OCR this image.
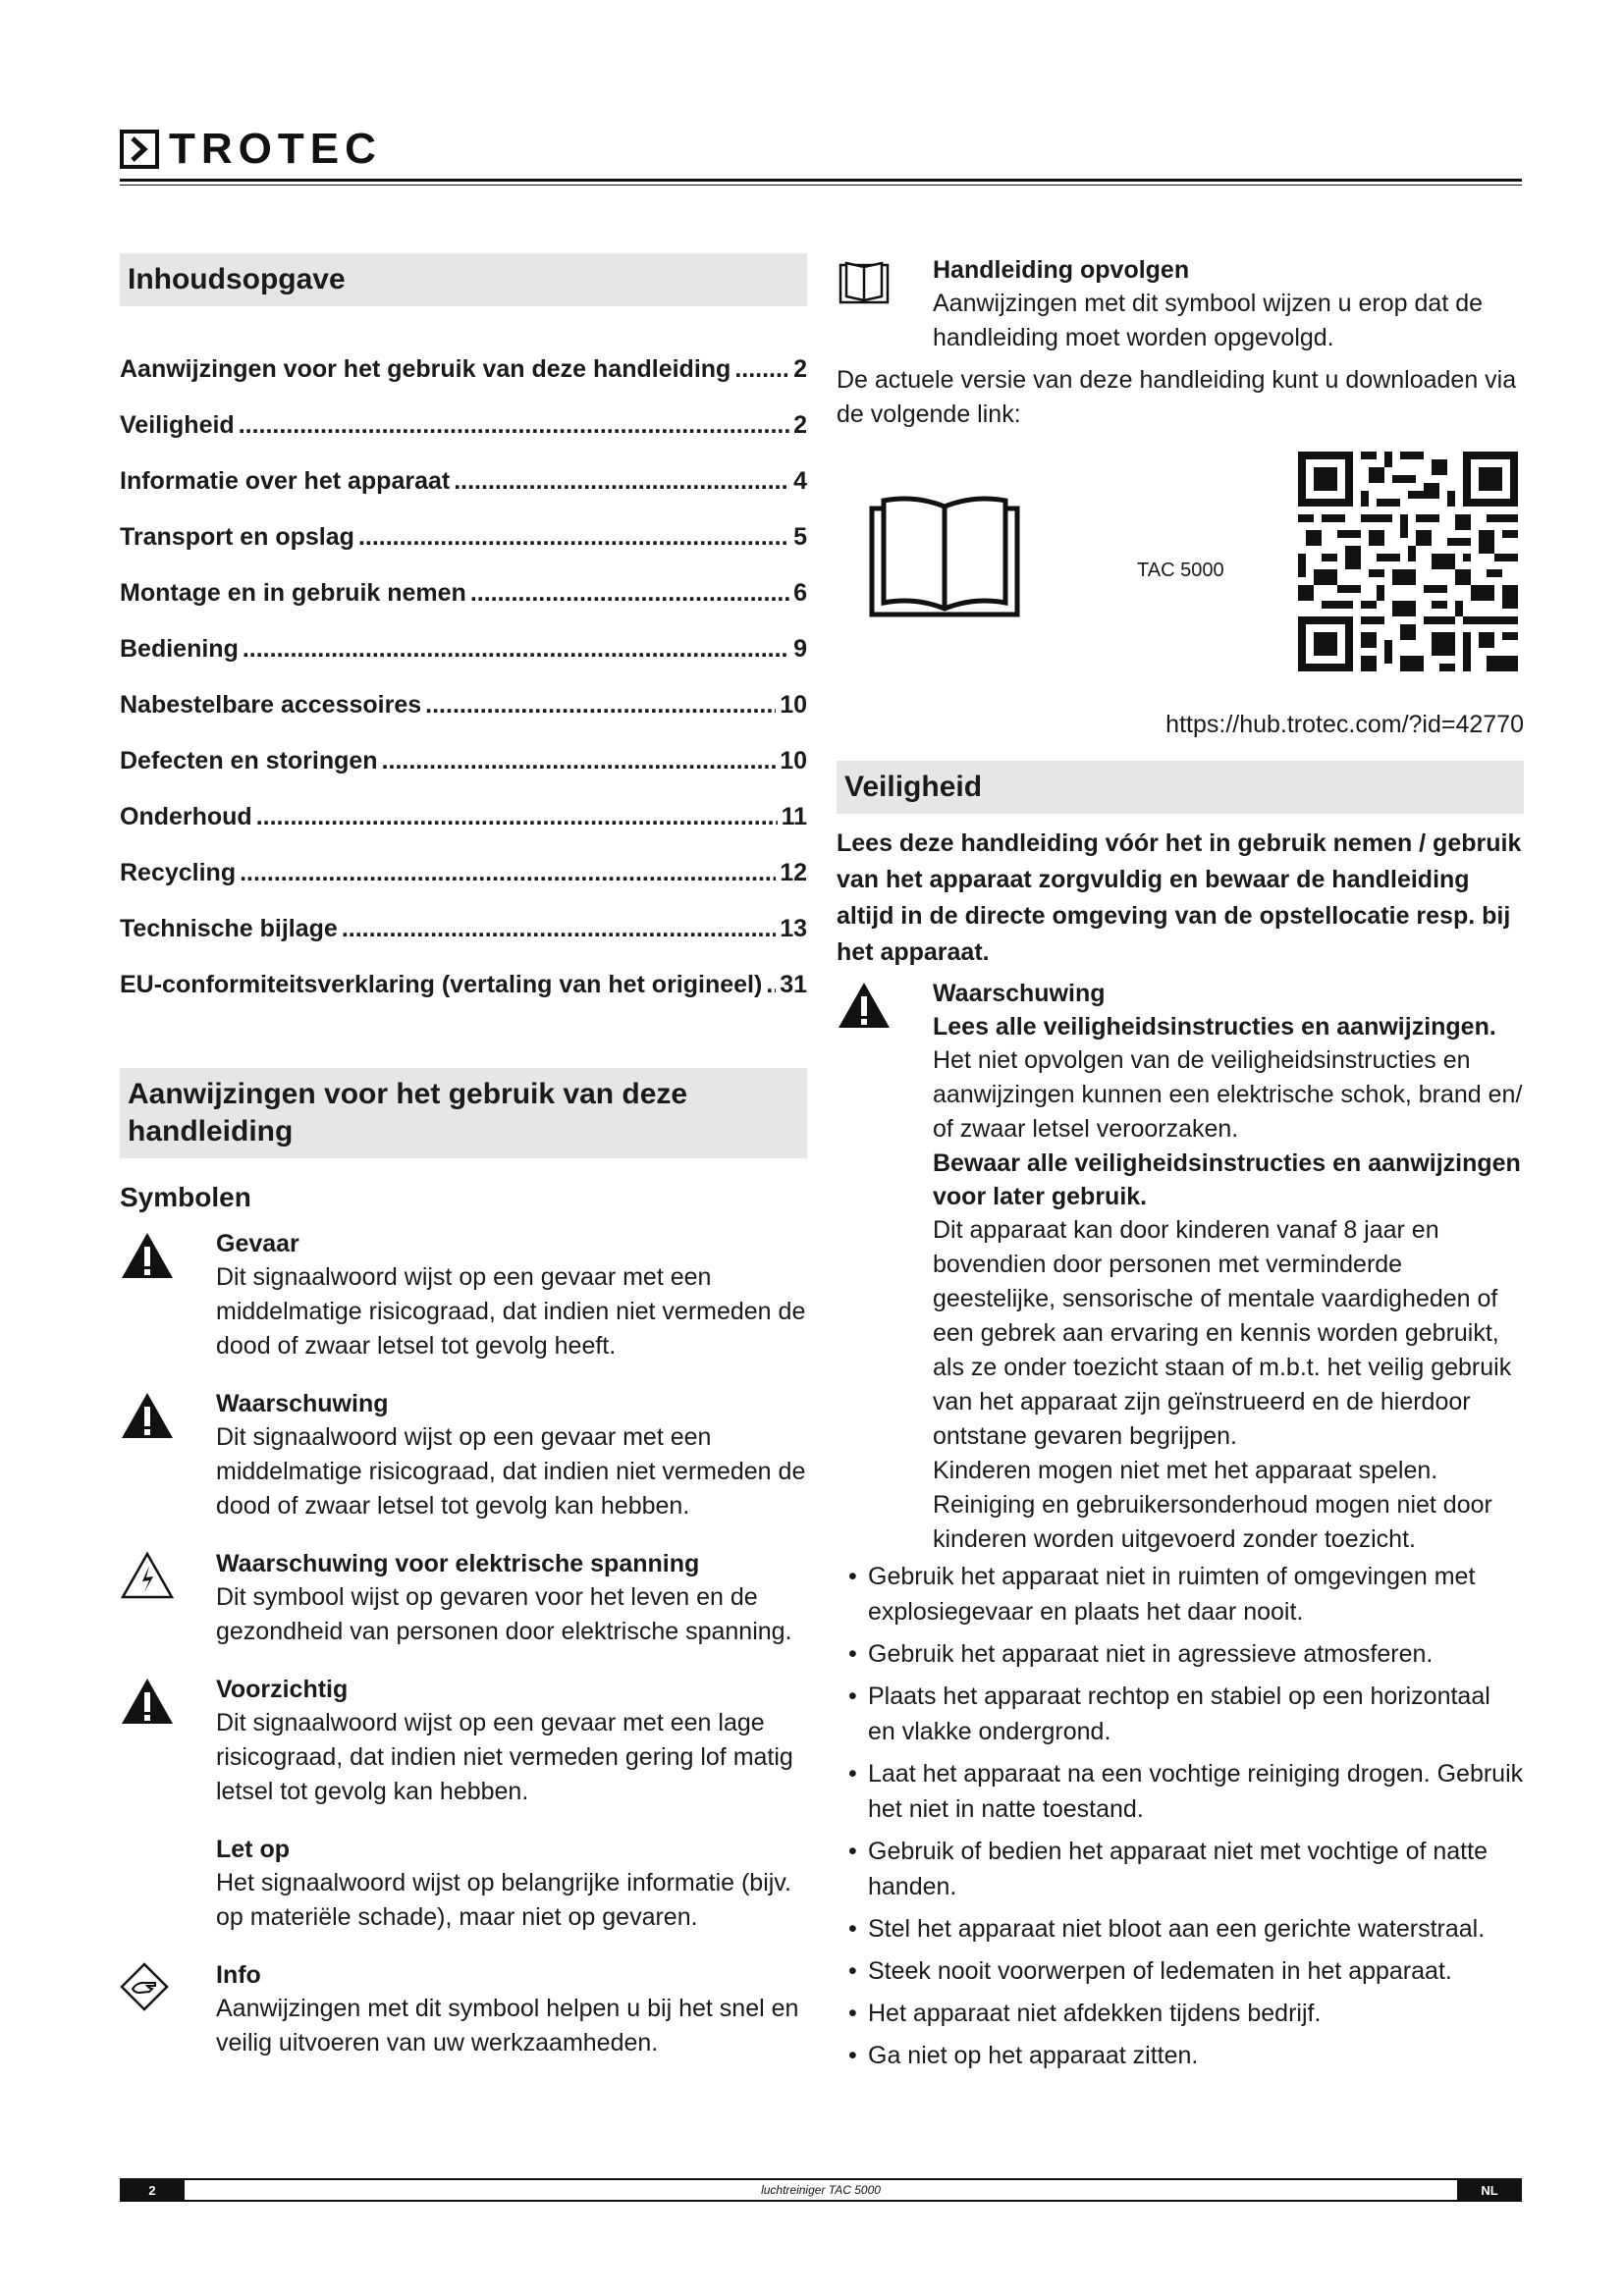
TROTEC
Inhoudsopgave
Aanwijzingen voor het gebruik van deze handleiding .....	2
Veiligheid .....	2
Informatie over het apparaat .....	4
Transport en opslag .....	5
Montage en in gebruik nemen .....	6
Bediening .....	9
Nabestelbare accessoires .....	10
Defecten en storingen .....	10
Onderhoud .....	11
Recycling .....	12
Technische bijlage .....	13
EU-conformiteitsverklaring (vertaling van het origineel) ..... 31
Aanwijzingen voor het gebruik van deze handleiding
Symbolen
Gevaar
Dit signaalwoord wijst op een gevaar met een middelmatige risicograad, dat indien niet vermeden de dood of zwaar letsel tot gevolg heeft.
Waarschuwing
Dit signaalwoord wijst op een gevaar met een middelmatige risicograad, dat indien niet vermeden de dood of zwaar letsel tot gevolg kan hebben.
Waarschuwing voor elektrische spanning
Dit symbool wijst op gevaren voor het leven en de gezondheid van personen door elektrische spanning.
Voorzichtig
Dit signaalwoord wijst op een gevaar met een lage risicograad, dat indien niet vermeden gering lof matig letsel tot gevolg kan hebben.
Let op
Het signaalwoord wijst op belangrijke informatie (bijv. op materiële schade), maar niet op gevaren.
Info
Aanwijzingen met dit symbool helpen u bij het snel en veilig uitvoeren van uw werkzaamheden.
Handleiding opvolgen
Aanwijzingen met dit symbool wijzen u erop dat de handleiding moet worden opgevolgd.
De actuele versie van deze handleiding kunt u downloaden via de volgende link:
TAC 5000
https://hub.trotec.com/?id=42770
Veiligheid
Lees deze handleiding vóór het in gebruik nemen / gebruik van het apparaat zorgvuldig en bewaar de handleiding altijd in de directe omgeving van de opstellocatie resp. bij het apparaat.
Waarschuwing
Lees alle veiligheidsinstructies en aanwijzingen.
Het niet opvolgen van de veiligheidsinstructies en aanwijzingen kunnen een elektrische schok, brand en/ of zwaar letsel veroorzaken.
Bewaar alle veiligheidsinstructies en aanwijzingen voor later gebruik.
Dit apparaat kan door kinderen vanaf 8 jaar en bovendien door personen met verminderde geestelijke, sensorische of mentale vaardigheden of een gebrek aan ervaring en kennis worden gebruikt, als ze onder toezicht staan of m.b.t. het veilig gebruik van het apparaat zijn geïnstrueerd en de hierdoor ontstane gevaren begrijpen.
Kinderen mogen niet met het apparaat spelen.
Reiniging en gebruikersonderhoud mogen niet door kinderen worden uitgevoerd zonder toezicht.
• Gebruik het apparaat niet in ruimten of omgevingen met explosiegevaar en plaats het daar nooit.
• Gebruik het apparaat niet in agressieve atmosferen.
• Plaats het apparaat rechtop en stabiel op een horizontaal en vlakke ondergrond.
• Laat het apparaat na een vochtige reiniging drogen. Gebruik het niet in natte toestand.
• Gebruik of bedien het apparaat niet met vochtige of natte handen.
• Stel het apparaat niet bloot aan een gerichte waterstraal.
• Steek nooit voorwerpen of ledematen in het apparaat.
• Het apparaat niet afdekken tijdens bedrijf.
• Ga niet op het apparaat zitten.
2	luchtreiniger TAC 5000	NL
